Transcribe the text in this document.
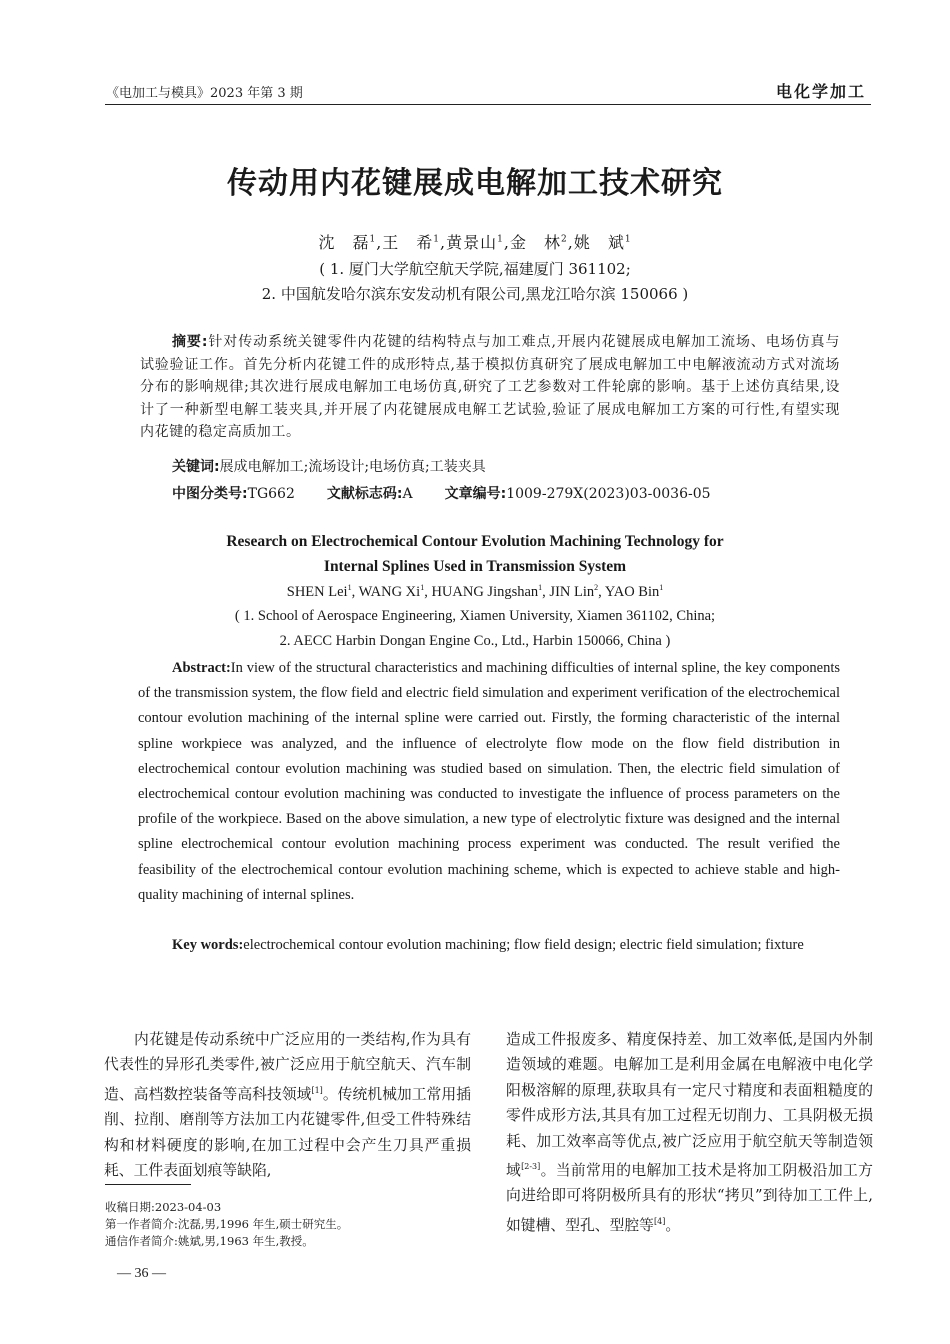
《电加工与模具》2023 年第 3 期	电化学加工
传动用内花键展成电解加工技术研究
沈　磊$^1$,王　希$^1$,黄景山$^1$,金　林$^2$,姚　斌$^1$
( 1. 厦门大学航空航天学院,福建厦门 361102;
2. 中国航发哈尔滨东安发动机有限公司,黑龙江哈尔滨 150066 )
摘要:针对传动系统关键零件内花键的结构特点与加工难点,开展内花键展成电解加工流场、电场仿真与试验验证工作。首先分析内花键工件的成形特点,基于模拟仿真研究了展成电解加工中电解液流动方式对流场分布的影响规律;其次进行展成电解加工电场仿真,研究了工艺参数对工件轮廓的影响。基于上述仿真结果,设计了一种新型电解工装夹具,并开展了内花键展成电解工艺试验,验证了展成电解加工方案的可行性,有望实现内花键的稳定高质加工。
关键词:展成电解加工;流场设计;电场仿真;工装夹具
中图分类号:TG662 文献标志码:A 文章编号:1009-279X(2023)03-0036-05
Research on Electrochemical Contour Evolution Machining Technology for
Internal Splines Used in Transmission System
SHEN Lei$^1$, WANG Xi$^1$, HUANG Jingshan$^1$, JIN Lin$^2$, YAO Bin$^1$
( 1. School of Aerospace Engineering, Xiamen University, Xiamen 361102, China;
2. AECC Harbin Dongan Engine Co., Ltd., Harbin 150066, China )
Abstract:In view of the structural characteristics and machining difficulties of internal spline, the key components of the transmission system, the flow field and electric field simulation and experiment verification of the electrochemical contour evolution machining of the internal spline were carried out. Firstly, the forming characteristic of the internal spline workpiece was analyzed, and the influence of electrolyte flow mode on the flow field distribution in electrochemical contour evolution machining was studied based on simulation. Then, the electric field simulation of electrochemical contour evolution machining was conducted to investigate the influence of process parameters on the profile of the workpiece. Based on the above simulation, a new type of electrolytic fixture was designed and the internal spline electrochemical contour evolution machining process experiment was conducted. The result verified the feasibility of the electrochemical contour evolution machining scheme, which is expected to achieve stable and high-quality machining of internal splines.
Key words:electrochemical contour evolution machining; flow field design; electric field simulation; fixture
内花键是传动系统中广泛应用的一类结构,作为具有代表性的异形孔类零件,被广泛应用于航空航天、汽车制造、高档数控装备等高科技领域[1]。传统机械加工常用插削、拉削、磨削等方法加工内花键零件,但受工件特殊结构和材料硬度的影响,在加工过程中会产生刀具严重损耗、工件表面划痕等缺陷,
造成工件报废多、精度保持差、加工效率低,是国内外制造领域的难题。电解加工是利用金属在电解液中电化学阳极溶解的原理,获取具有一定尺寸精度和表面粗糙度的零件成形方法,其具有加工过程无切削力、工具阴极无损耗、加工效率高等优点,被广泛应用于航空航天等制造领域[2-3]。当前常用的电解加工技术是将加工阴极沿加工方向进给即可将阴极所具有的形状“拷贝”到待加工工件上,如键槽、型孔、型腔等[4]。
收稿日期:2023-04-03
第一作者简介:沈磊,男,1996 年生,硕士研究生。
通信作者简介:姚斌,男,1963 年生,教授。
— 36 —
